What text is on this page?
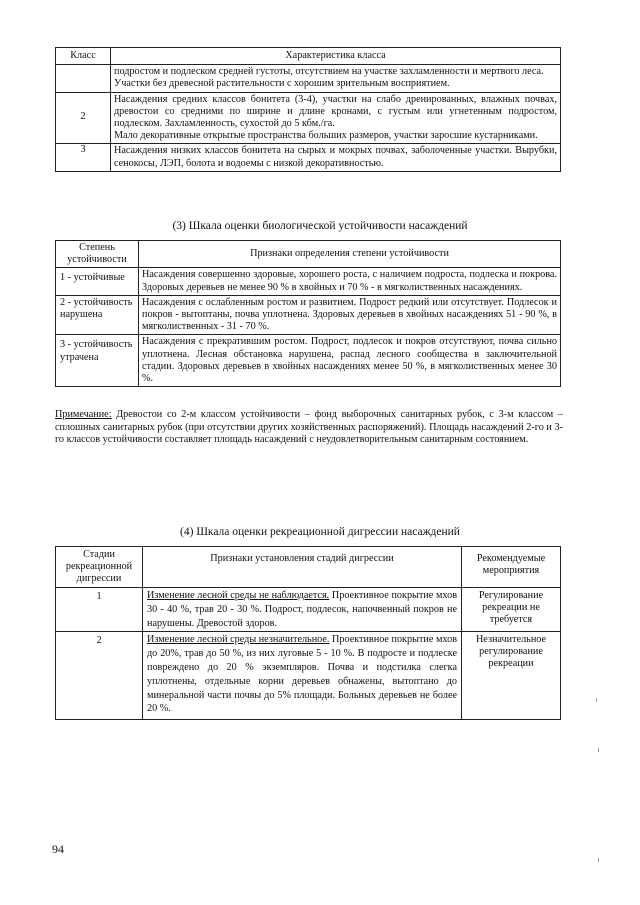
Класс	Характеристика класса

	подростом и подлеском средней густоты, отсутствием на участке захламленности и мертвого леса.

Участки без древесной растительности с хорошим зрительным восприятием.

2	Насаждения средних классов бонитета (3-4), участки на слабо дренированных, влажных почвах, древостои со средними по ширине и длине кронами, с густым или угнетенным подростом, подлеском. Захламленность, сухостой до 5 кбм./га.

Мало декоративные открытые пространства больших размеров, участки заросшие кустарниками.

3	Насаждения низких классов бонитета на сырых и мокрых почвах, заболоченные участки. Вырубки, сенокосы, ЛЭП, болота и водоемы с низкой декоративностью.

(3) Шкала оценки биологической устойчивости насаждений
Степень устойчивости	Признаки определения степени устойчивости
1 - устойчивые	Насаждения совершенно здоровые, хорошего роста, с наличием подроста, подлеска и покрова. Здоровых деревьев не менее 90 % в хвойных и 70 % - в мягколиственных насаждениях.
2 - устойчивость нарушена	Насаждения с ослабленным ростом и развитием. Подрост редкий или отсутствует. Подлесок и покров - вытоптаны, почва уплотнена. Здоровых деревьев в хвойных насаждениях 51 - 90 %, в мягколиственных - 31 - 70 %.
3 - устойчивость утрачена	Насаждения с прекратившим ростом. Подрост, подлесок и покров отсутствуют, почва сильно уплотнена. Лесная обстановка нарушена, распад лесного сообщества в заключительной стадии. Здоровых деревьев в хвойных насаждениях менее 50 %, в мягколиственных менее 30 %.

Примечание: Древостои со 2-м классом устойчивости – фонд выборочных санитарных рубок, с 3-м классом – сплошных санитарных рубок (при отсутствии других хозяйственных распоряжений). Площадь насаждений 2-го и 3-го классов устойчивости составляет площадь насаждений с неудовлетворительным санитарным состоянием.

(4) Шкала оценки рекреационной дигрессии насаждений
Стадии рекреационной дигрессии	Признаки установления стадий дигрессии	Рекомендуемые мероприятия
1	Изменение лесной среды не наблюдается. Проективное покрытие мхов 30 - 40 %, трав 20 - 30 %. Подрост, подлесок, напочвенный покров не нарушены. Древостой здоров.	Регулирование рекреации не требуется
2	Изменение лесной среды незначительное. Проективное покрытие мхов до 20%, трав до 50 %, из них луговые 5 - 10 %. В подросте и подлеске повреждено до 20 % экземпляров. Почва и подстилка слегка уплотнены, отдельные корни деревьев обнажены, вытоптано до минеральной части почвы до 5% площади. Больных деревьев не более 20 %.	Незначительное регулирование рекреации
94
